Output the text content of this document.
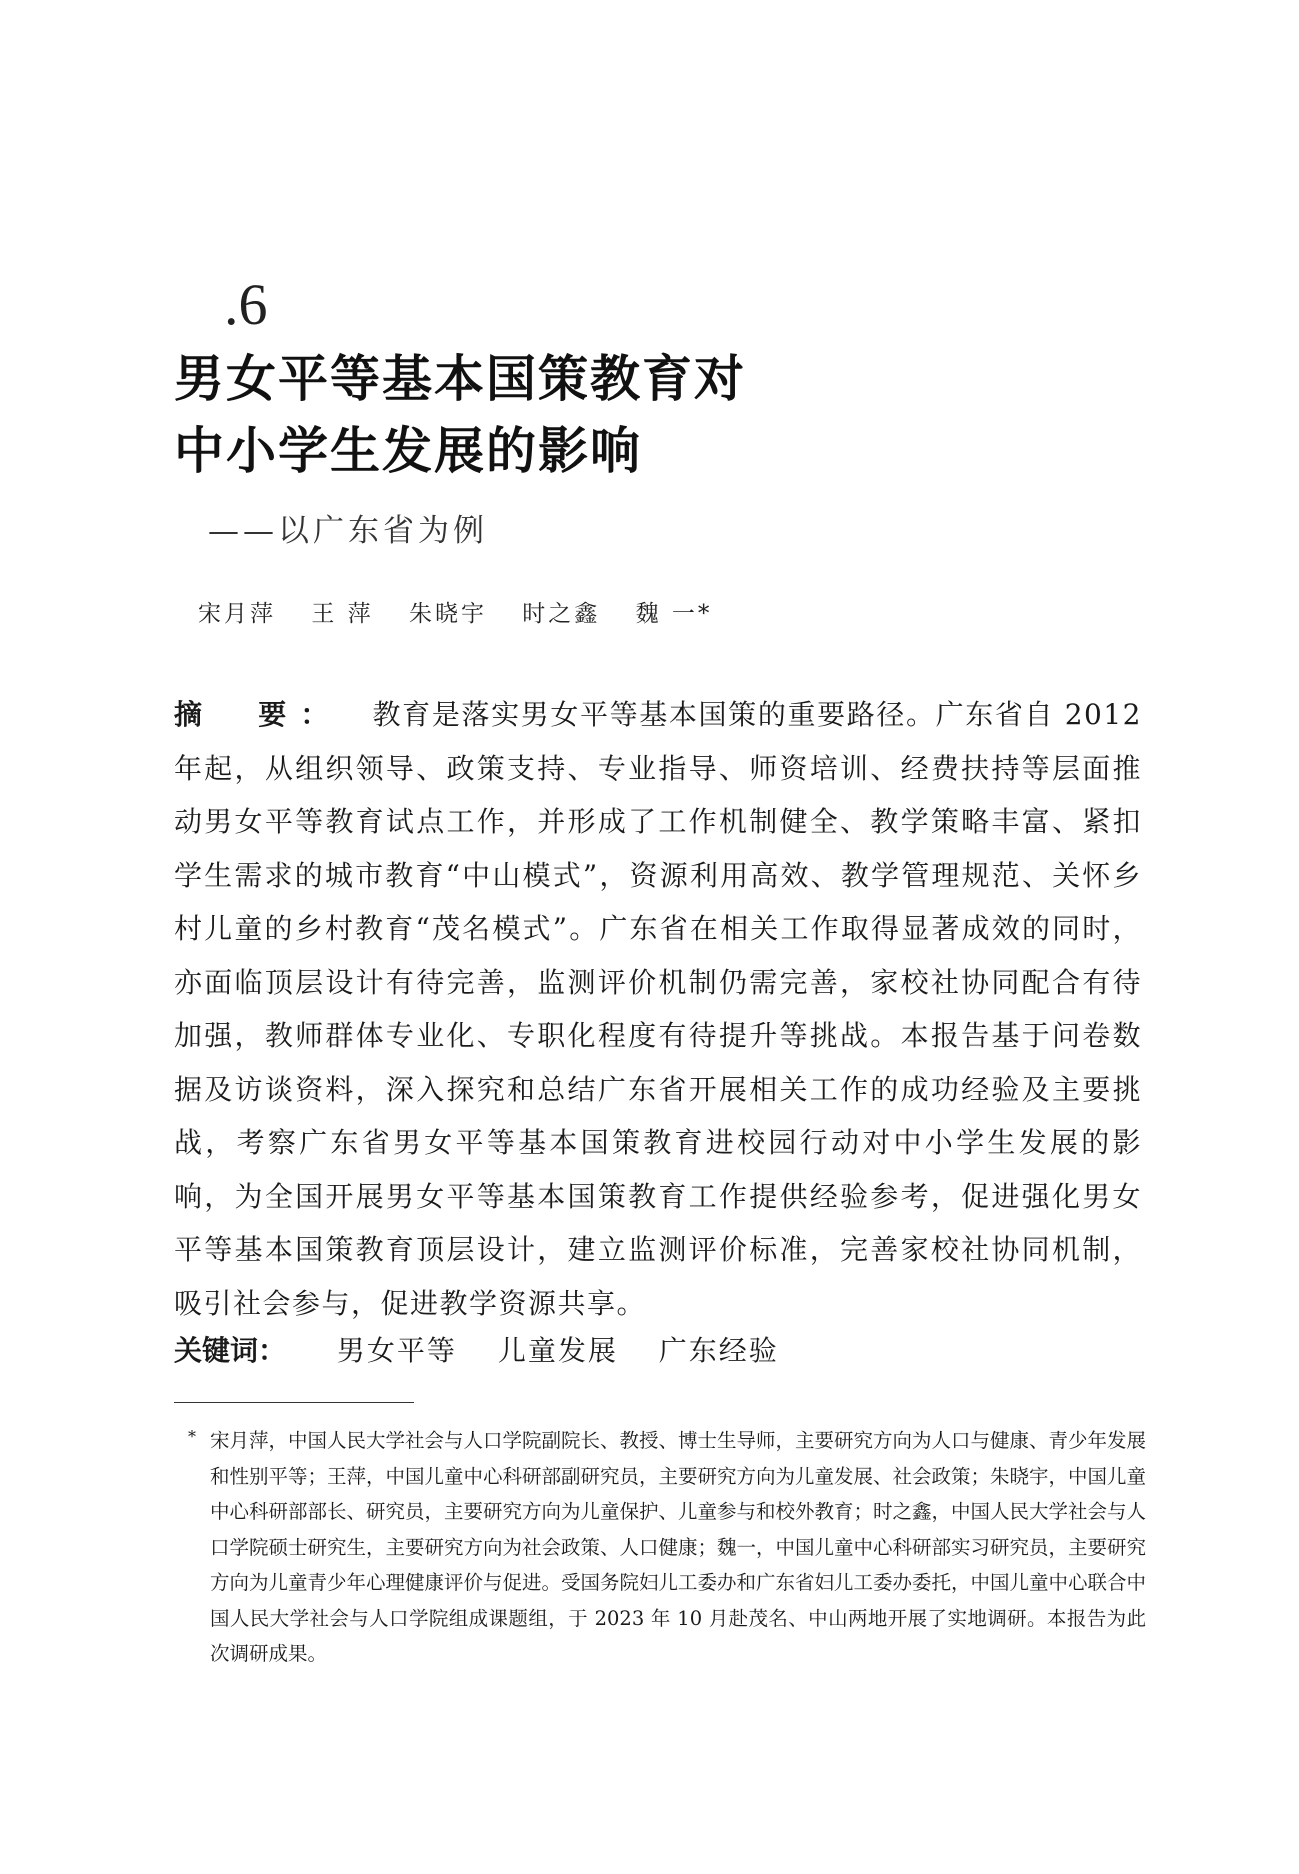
.6
男女平等基本国策教育对
中小学生发展的影响
——以广东省为例
宋月萍 王 萍 朱晓宇 时之鑫 魏 一*
摘　要： 教育是落实男女平等基本国策的重要路径。广东省自 2012 年起，从组织领导、政策支持、专业指导、师资培训、经费扶持等层面推动男女平等教育试点工作，并形成了工作机制健全、教学策略丰富、紧扣学生需求的城市教育“中山模式”，资源利用高效、教学管理规范、关怀乡村儿童的乡村教育“茂名模式”。广东省在相关工作取得显著成效的同时，亦面临顶层设计有待完善，监测评价机制仍需完善，家校社协同配合有待加强，教师群体专业化、专职化程度有待提升等挑战。本报告基于问卷数据及访谈资料，深入探究和总结广东省开展相关工作的成功经验及主要挑战，考察广东省男女平等基本国策教育进校园行动对中小学生发展的影响，为全国开展男女平等基本国策教育工作提供经验参考，促进强化男女平等基本国策教育顶层设计，建立监测评价标准，完善家校社协同机制，吸引社会参与，促进教学资源共享。
关键词： 男女平等 儿童发展 广东经验
* 宋月萍，中国人民大学社会与人口学院副院长、教授、博士生导师，主要研究方向为人口与健康、青少年发展和性别平等；王萍，中国儿童中心科研部副研究员，主要研究方向为儿童发展、社会政策；朱晓宇，中国儿童中心科研部部长、研究员，主要研究方向为儿童保护、儿童参与和校外教育；时之鑫，中国人民大学社会与人口学院硕士研究生，主要研究方向为社会政策、人口健康；魏一，中国儿童中心科研部实习研究员，主要研究方向为儿童青少年心理健康评价与促进。受国务院妇儿工委办和广东省妇儿工委办委托，中国儿童中心联合中国人民大学社会与人口学院组成课题组，于 2023 年 10 月赴茂名、中山两地开展了实地调研。本报告为此次调研成果。
